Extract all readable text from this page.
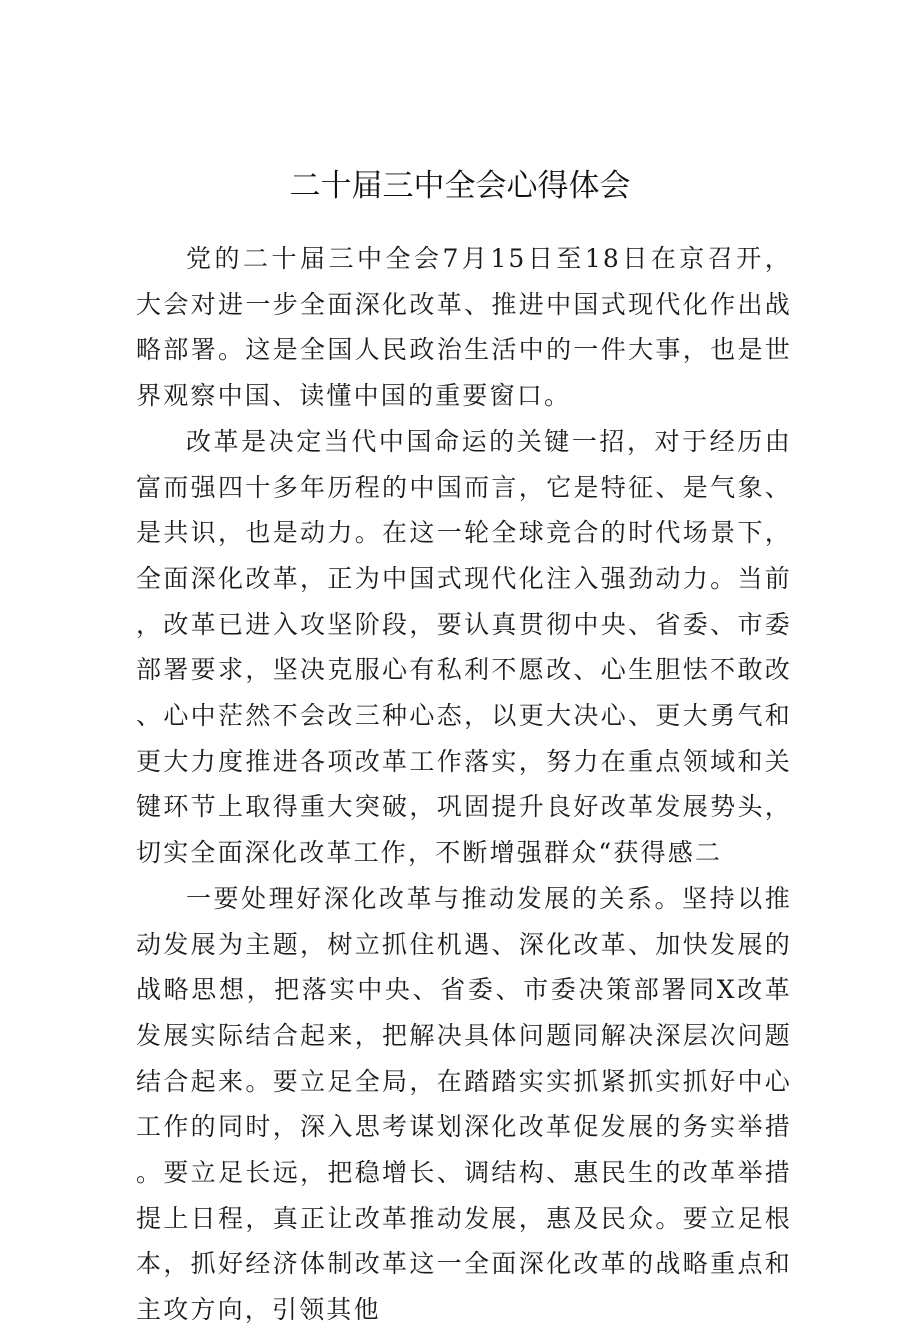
二十届三中全会心得体会

党的二十届三中全会7月15日至18日在京召开，大会对进一步全面深化改革、推进中国式现代化作出战略部署。这是全国人民政治生活中的一件大事，也是世界观察中国、读懂中国的重要窗口。

改革是决定当代中国命运的关键一招，对于经历由富而强四十多年历程的中国而言，它是特征、是气象、是共识，也是动力。在这一轮全球竞合的时代场景下，全面深化改革，正为中国式现代化注入强劲动力。当前，改革已进入攻坚阶段，要认真贯彻中央、省委、市委部署要求，坚决克服心有私利不愿改、心生胆怯不敢改、心中茫然不会改三种心态，以更大决心、更大勇气和更大力度推进各项改革工作落实，努力在重点领域和关键环节上取得重大突破，巩固提升良好改革发展势头，切实全面深化改革工作，不断增强群众“获得感二

一要处理好深化改革与推动发展的关系。坚持以推动发展为主题，树立抓住机遇、深化改革、加快发展的战略思想，把落实中央、省委、市委决策部署同X改革发展实际结合起来，把解决具体问题同解决深层次问题结合起来。要立足全局，在踏踏实实抓紧抓实抓好中心工作的同时，深入思考谋划深化改革促发展的务实举措。要立足长远，把稳增长、调结构、惠民生的改革举措提上日程，真正让改革推动发展，惠及民众。要立足根本，抓好经济体制改革这一全面深化改革的战略重点和主攻方向，引领其他
